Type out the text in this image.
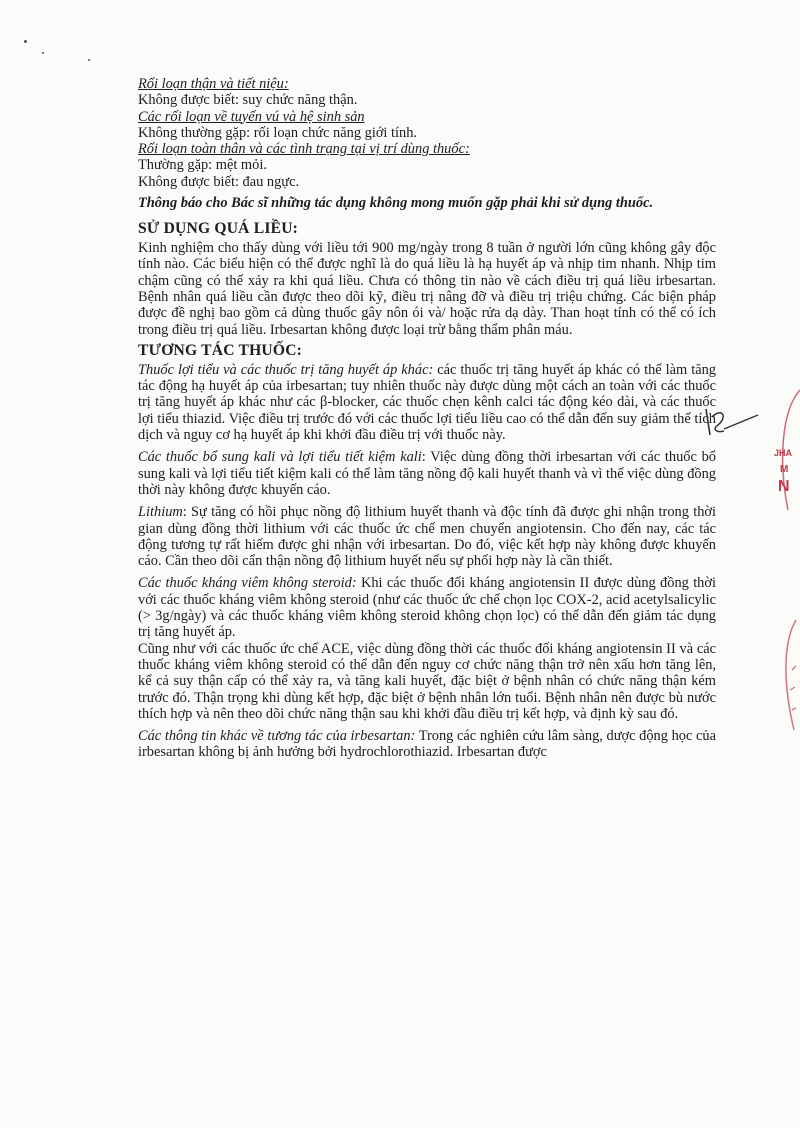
Rối loạn thận và tiết niệu:

Không được biết: suy chức năng thận.

Các rối loạn về tuyến vú và hệ sinh sản

Không thường gặp: rối loạn chức năng giới tính.

Rối loạn toàn thân và các tình trạng tại vị trí dùng thuốc:

Thường gặp: mệt mỏi.

Không được biết: đau ngực.

Thông báo cho Bác sĩ những tác dụng không mong muốn gặp phải khi sử dụng thuốc.

SỬ DỤNG QUÁ LIỀU:

Kinh nghiệm cho thấy dùng với liều tới 900 mg/ngày trong 8 tuần ở người lớn cũng không gây độc tính nào. Các biểu hiện có thể được nghĩ là do quá liều là hạ huyết áp và nhịp tim nhanh. Nhịp tim chậm cũng có thể xảy ra khi quá liều. Chưa có thông tin nào về cách điều trị quá liều irbesartan. Bệnh nhân quá liều cần được theo dõi kỹ, điều trị nâng đỡ và điều trị triệu chứng. Các biện pháp được đề nghị bao gồm cả dùng thuốc gây nôn ói và/ hoặc rửa dạ dày. Than hoạt tính có thể có ích trong điều trị quá liều. Irbesartan không được loại trừ bằng thẩm phân máu.

TƯƠNG TÁC THUỐC:

Thuốc lợi tiểu và các thuốc trị tăng huyết áp khác: các thuốc trị tăng huyết áp khác có thể làm tăng tác động hạ huyết áp của irbesartan; tuy nhiên thuốc này được dùng một cách an toàn với các thuốc trị tăng huyết áp khác như các β-blocker, các thuốc chẹn kênh calci tác động kéo dài, và các thuốc lợi tiểu thiazid. Việc điều trị trước đó với các thuốc lợi tiểu liều cao có thể dẫn đến suy giảm thể tích dịch và nguy cơ hạ huyết áp khi khởi đầu điều trị với thuốc này.

Các thuốc bổ sung kali và lợi tiểu tiết kiệm kali: Việc dùng đồng thời irbesartan với các thuốc bổ sung kali và lợi tiểu tiết kiệm kali có thể làm tăng nồng độ kali huyết thanh và vì thế việc dùng đồng thời này không được khuyến cáo.

Lithium: Sự tăng có hồi phục nồng độ lithium huyết thanh và độc tính đã được ghi nhận trong thời gian dùng đồng thời lithium với các thuốc ức chế men chuyển angiotensin. Cho đến nay, các tác động tương tự rất hiếm được ghi nhận với irbesartan. Do đó, việc kết hợp này không được khuyến cáo. Cần theo dõi cẩn thận nồng độ lithium huyết nếu sự phối hợp này là cần thiết.

Các thuốc kháng viêm không steroid: Khi các thuốc đối kháng angiotensin II được dùng đồng thời với các thuốc kháng viêm không steroid (như các thuốc ức chế chọn lọc COX-2, acid acetylsalicylic (> 3g/ngày) và các thuốc kháng viêm không steroid không chọn lọc) có thể dẫn đến giảm tác dụng trị tăng huyết áp.

Cũng như với các thuốc ức chế ACE, việc dùng đồng thời các thuốc đối kháng angiotensin II và các thuốc kháng viêm không steroid có thể dẫn đến nguy cơ chức năng thận trở nên xấu hơn tăng lên, kể cả suy thận cấp có thể xảy ra, và tăng kali huyết, đặc biệt ở bệnh nhân có chức năng thận kém trước đó. Thận trọng khi dùng kết hợp, đặc biệt ở bệnh nhân lớn tuổi. Bệnh nhân nên được bù nước thích hợp và nên theo dõi chức năng thận sau khi khởi đầu điều trị kết hợp, và định kỳ sau đó.

Các thông tin khác về tương tác của irbesartan: Trong các nghiên cứu lâm sàng, dược động học của irbesartan không bị ảnh hưởng bởi hydrochlorothiazid. Irbesartan được

JHA
M
N
